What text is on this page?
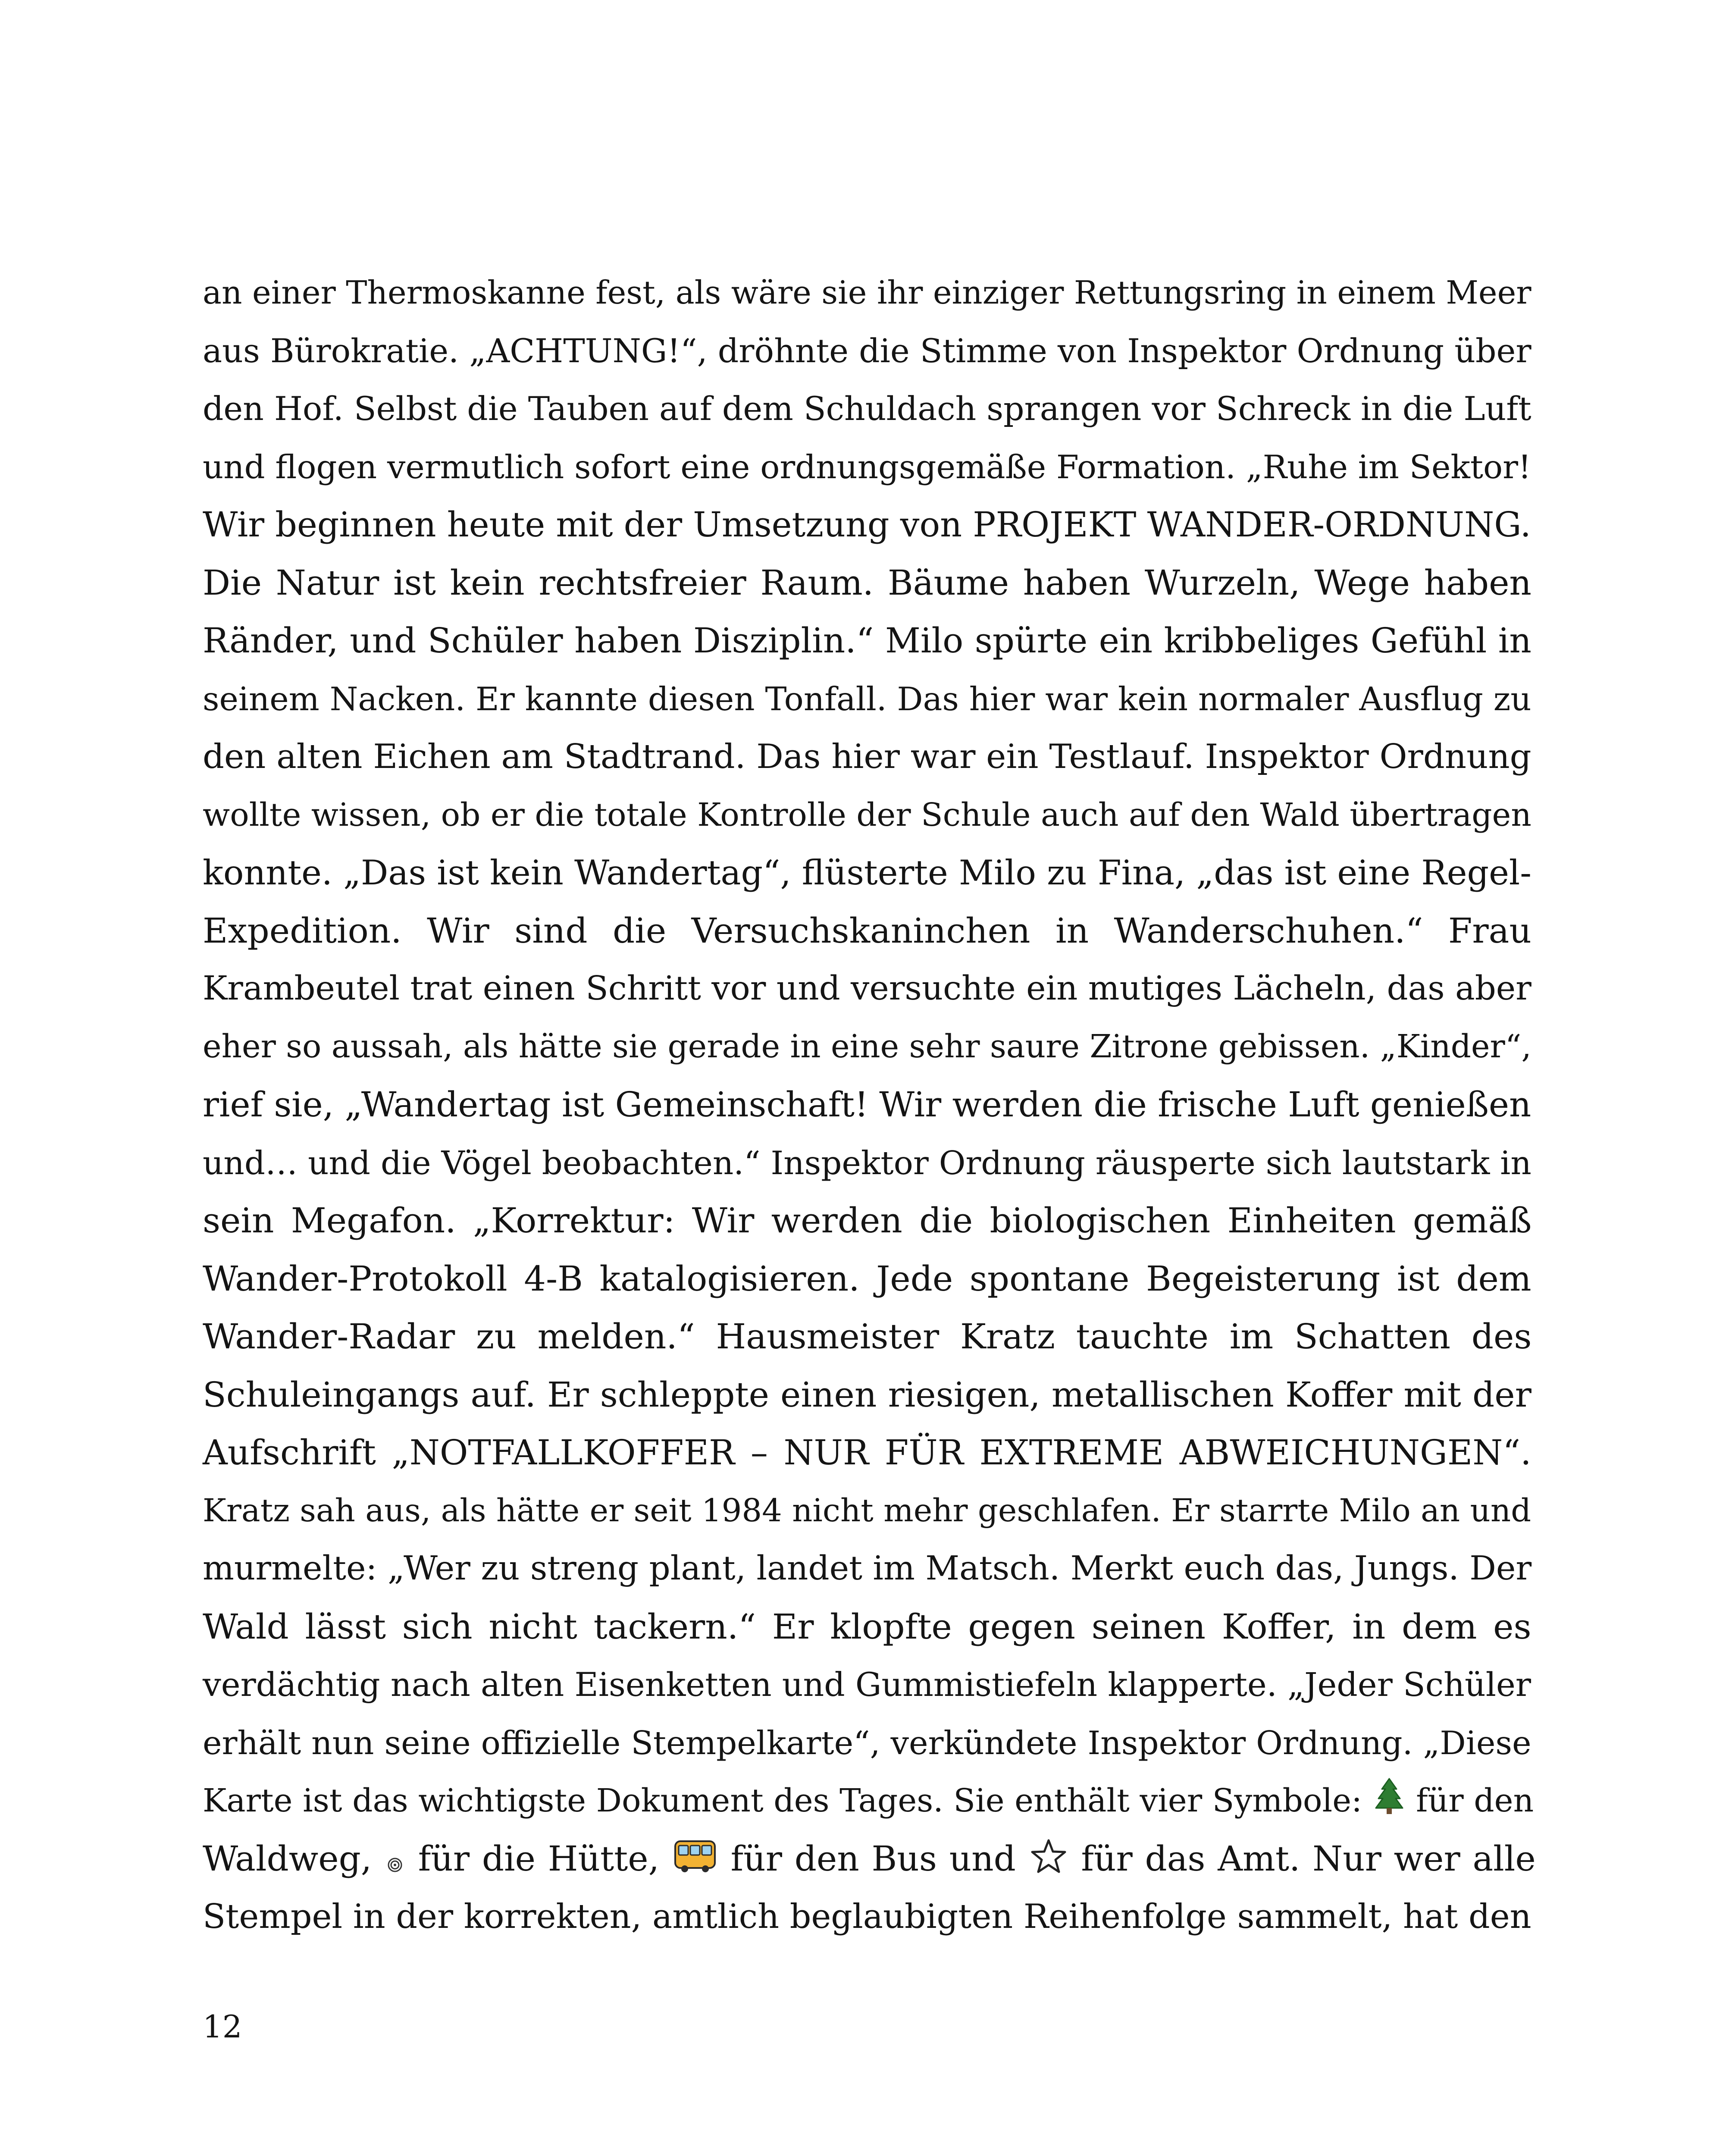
an einer Thermoskanne fest, als wäre sie ihr einziger Rettungsring in einem Meer
aus Bürokratie. „ACHTUNG!“, dröhnte die Stimme von Inspektor Ordnung über
den Hof. Selbst die Tauben auf dem Schuldach sprangen vor Schreck in die Luft
und flogen vermutlich sofort eine ordnungsgemäße Formation. „Ruhe im Sektor!
Wir beginnen heute mit der Umsetzung von PROJEKT WANDER-ORDNUNG.
Die Natur ist kein rechtsfreier Raum. Bäume haben Wurzeln, Wege haben
Ränder, und Schüler haben Disziplin.“ Milo spürte ein kribbeliges Gefühl in
seinem Nacken. Er kannte diesen Tonfall. Das hier war kein normaler Ausflug zu
den alten Eichen am Stadtrand. Das hier war ein Testlauf. Inspektor Ordnung
wollte wissen, ob er die totale Kontrolle der Schule auch auf den Wald übertragen
konnte. „Das ist kein Wandertag“, flüsterte Milo zu Fina, „das ist eine Regel-
Expedition. Wir sind die Versuchskaninchen in Wanderschuhen.“ Frau
Krambeutel trat einen Schritt vor und versuchte ein mutiges Lächeln, das aber
eher so aussah, als hätte sie gerade in eine sehr saure Zitrone gebissen. „Kinder“,
rief sie, „Wandertag ist Gemeinschaft! Wir werden die frische Luft genießen
und… und die Vögel beobachten.“ Inspektor Ordnung räusperte sich lautstark in
sein Megafon. „Korrektur: Wir werden die biologischen Einheiten gemäß
Wander-Protokoll 4-B katalogisieren. Jede spontane Begeisterung ist dem
Wander-Radar zu melden.“ Hausmeister Kratz tauchte im Schatten des
Schuleingangs auf. Er schleppte einen riesigen, metallischen Koffer mit der
Aufschrift „NOTFALLKOFFER – NUR FÜR EXTREME ABWEICHUNGEN“.
Kratz sah aus, als hätte er seit 1984 nicht mehr geschlafen. Er starrte Milo an und
murmelte: „Wer zu streng plant, landet im Matsch. Merkt euch das, Jungs. Der
Wald lässt sich nicht tackern.“ Er klopfte gegen seinen Koffer, in dem es
verdächtig nach alten Eisenketten und Gummistiefeln klapperte. „Jeder Schüler
erhält nun seine offizielle Stempelkarte“, verkündete Inspektor Ordnung. „Diese
Karte ist das wichtigste Dokument des Tages. Sie enthält vier Symbole: für den
Waldweg, für die Hütte, für den Bus und für das Amt. Nur wer alle
Stempel in der korrekten, amtlich beglaubigten Reihenfolge sammelt, hat den

12
